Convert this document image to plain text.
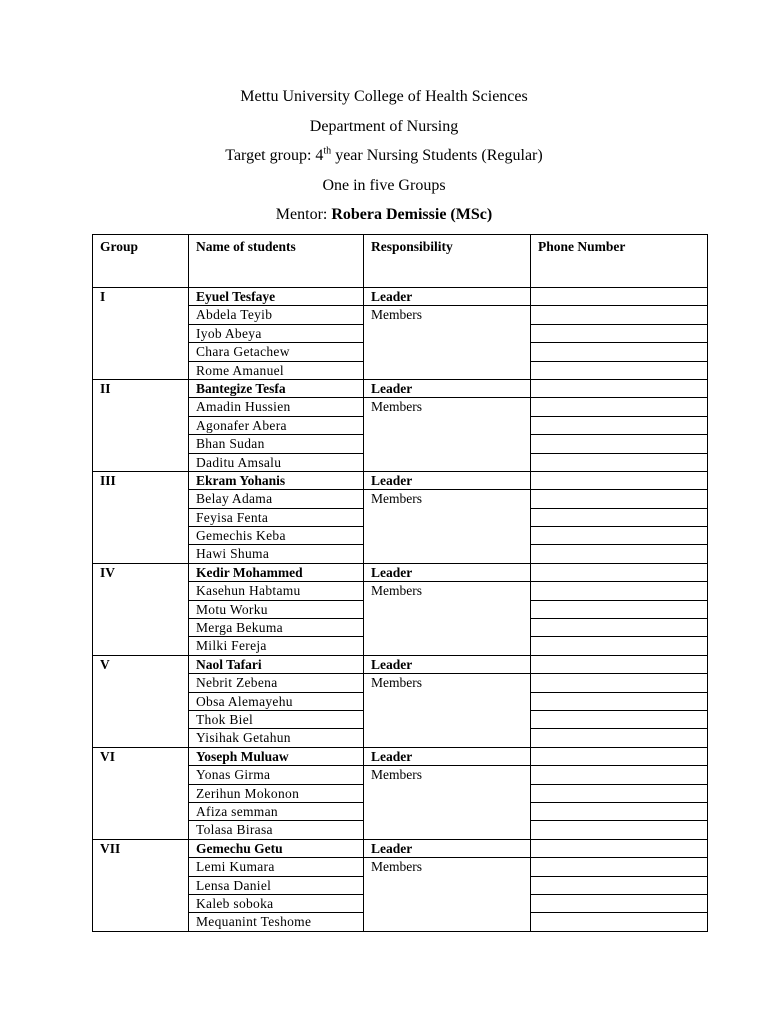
Mettu University College of Health Sciences
Department of Nursing
Target group: 4th year Nursing Students (Regular)
One in five Groups
Mentor: Robera Demissie (MSc)
Group	Name of students	Responsibility	Phone Number
I	Eyuel Tesfaye	Leader	
	Abdela Teyib	Members	
	Iyob Abeya		
	Chara Getachew		
	Rome Amanuel		
II	Bantegize Tesfa	Leader	
	Amadin Hussien	Members	
	Agonafer Abera		
	Bhan Sudan		
	Daditu Amsalu		
III	Ekram Yohanis	Leader	
	Belay Adama	Members	
	Feyisa Fenta		
	Gemechis Keba		
	Hawi Shuma		
IV	Kedir Mohammed	Leader	
	Kasehun Habtamu	Members	
	Motu Worku		
	Merga Bekuma		
	Milki Fereja		
V	Naol Tafari	Leader	
	Nebrit Zebena	Members	
	Obsa Alemayehu		
	Thok Biel		
	Yisihak Getahun		
VI	Yoseph Muluaw	Leader	
	Yonas Girma	Members	
	Zerihun Mokonon		
	Afiza semman		
	Tolasa Birasa		
VII	Gemechu Getu	Leader	
	Lemi Kumara	Members	
	Lensa Daniel		
	Kaleb soboka		
	Mequanint Teshome		
